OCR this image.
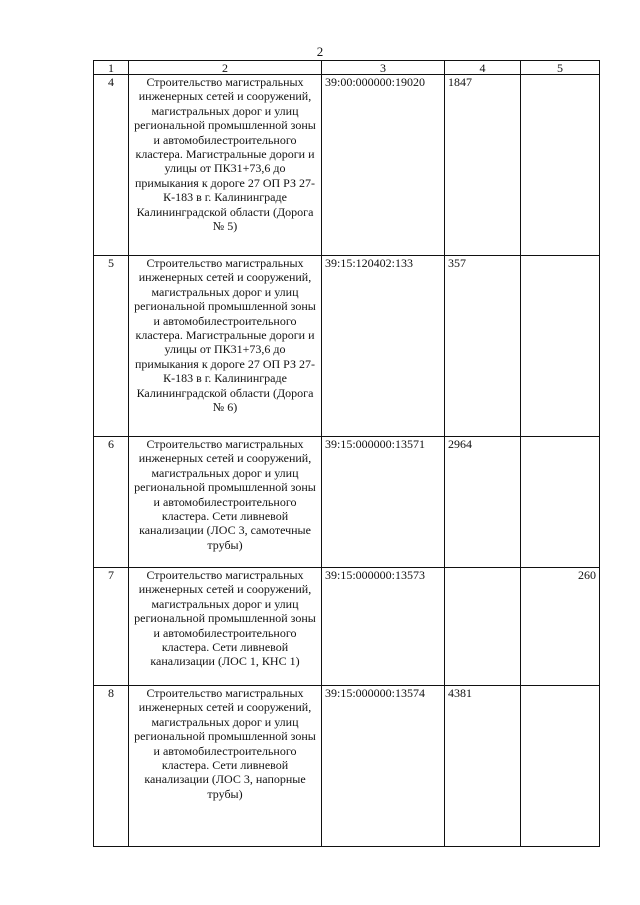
2
1	2	3	4	5
4	Строительство магистральных инженерных сетей и сооружений, магистральных дорог и улиц региональной промышленной зоны и автомобилестроительного кластера. Магистральные дороги и улицы от ПК31+73,6 до примыкания к дороге 27 ОП РЗ 27-К-183 в г. Калининграде Калининградской области (Дорога № 5)	39:00:000000:19020	1847	
5	Строительство магистральных инженерных сетей и сооружений, магистральных дорог и улиц региональной промышленной зоны и автомобилестроительного кластера. Магистральные дороги и улицы от ПК31+73,6 до примыкания к дороге 27 ОП РЗ 27-К-183 в г. Калининграде Калининградской области (Дорога № 6)	39:15:120402:133	357	
6	Строительство магистральных инженерных сетей и сооружений, магистральных дорог и улиц региональной промышленной зоны и автомобилестроительного кластера. Сети ливневой канализации (ЛОС 3, самотечные трубы)	39:15:000000:13571	2964	
7	Строительство магистральных инженерных сетей и сооружений, магистральных дорог и улиц региональной промышленной зоны и автомобилестроительного кластера. Сети ливневой канализации (ЛОС 1, КНС 1)	39:15:000000:13573		260
8	Строительство магистральных инженерных сетей и сооружений, магистральных дорог и улиц региональной промышленной зоны и автомобилестроительного кластера. Сети ливневой канализации (ЛОС 3, напорные трубы)	39:15:000000:13574	4381	
